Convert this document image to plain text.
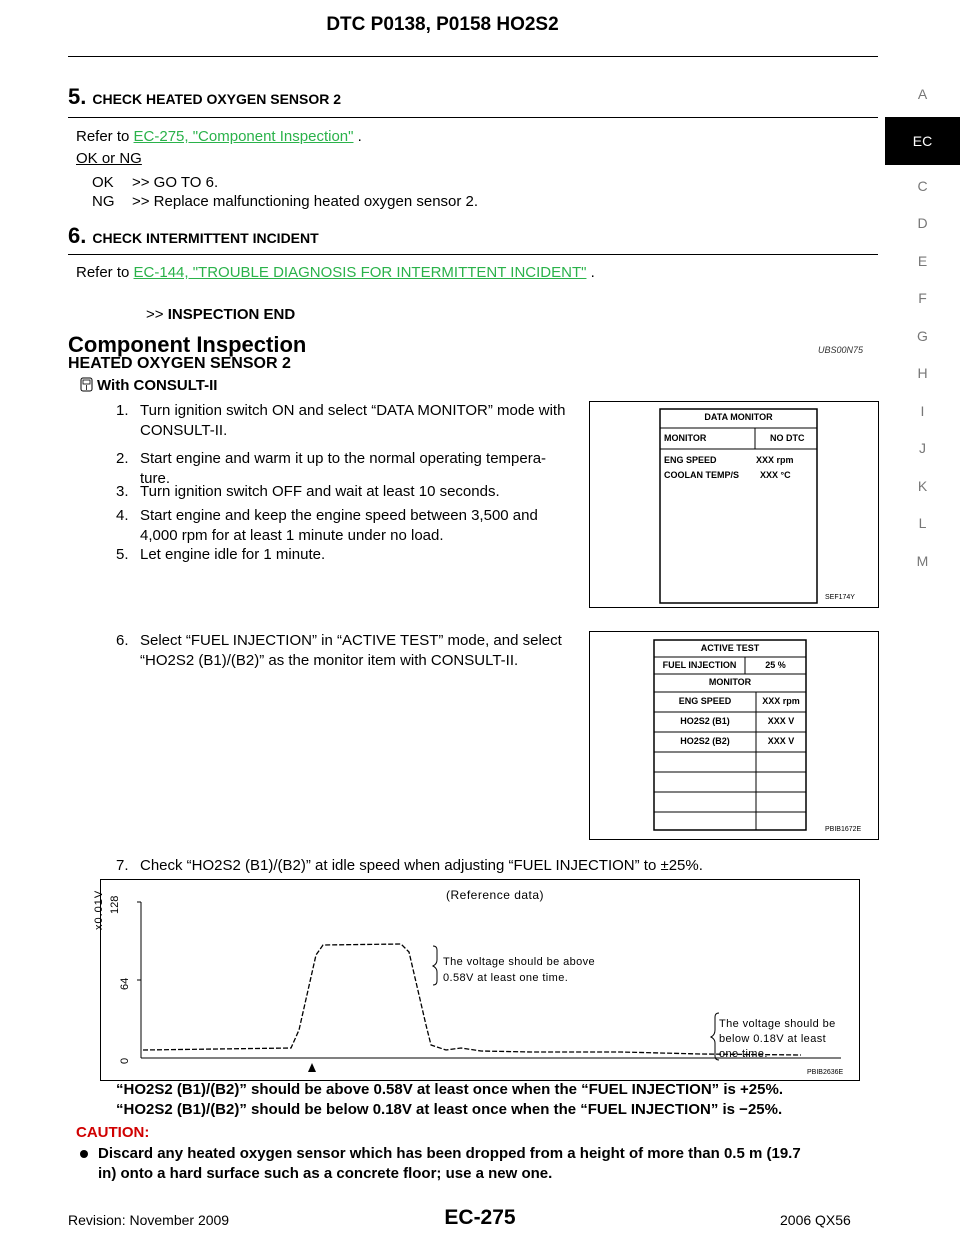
DTC P0138, P0158 HO2S2
A
EC
C
D
E
F
G
H
I
J
K
L
M
5. CHECK HEATED OXYGEN SENSOR 2
Refer to EC-275, "Component Inspection" .
OK or NG
OK >> GO TO 6.
NG >> Replace malfunctioning heated oxygen sensor 2.
6. CHECK INTERMITTENT INCIDENT
Refer to EC-144, "TROUBLE DIAGNOSIS FOR INTERMITTENT INCIDENT" .
>> INSPECTION END
Component Inspection	UBS00N75
HEATED OXYGEN SENSOR 2
With CONSULT-II
1. Turn ignition switch ON and select “DATA MONITOR” mode with
CONSULT-II.
2. Start engine and warm it up to the normal operating tempera-
ture.
3. Turn ignition switch OFF and wait at least 10 seconds.
4. Start engine and keep the engine speed between 3,500 and
4,000 rpm for at least 1 minute under no load.
5. Let engine idle for 1 minute.
DATA MONITOR
MONITOR	NO DTC
ENG SPEED	XXX rpm
COOLAN TEMP/S XXX °C
SEF174Y
6. Select “FUEL INJECTION” in “ACTIVE TEST” mode, and select
“HO2S2 (B1)/(B2)” as the monitor item with CONSULT-II.
ACTIVE TEST
FUEL INJECTION	25 %
MONITOR
ENG SPEED	XXX rpm
HO2S2 (B1)	XXX V
HO2S2 (B2)	XXX V
PBIB1672E
7. Check “HO2S2 (B1)/(B2)” at idle speed when adjusting “FUEL INJECTION” to ±25%.
(Reference data)
x0.01V 128
64
0
The voltage should be above
0.58V at least one time.
The voltage should be
below 0.18V at least
one time.
PBIB2636E
“HO2S2 (B1)/(B2)” should be above 0.58V at least once when the “FUEL INJECTION” is +25%.
“HO2S2 (B1)/(B2)” should be below 0.18V at least once when the “FUEL INJECTION” is −25%.
CAUTION:
Discard any heated oxygen sensor which has been dropped from a height of more than 0.5 m (19.7
in) onto a hard surface such as a concrete floor; use a new one.
Revision: November 2009	EC-275	2006 QX56
